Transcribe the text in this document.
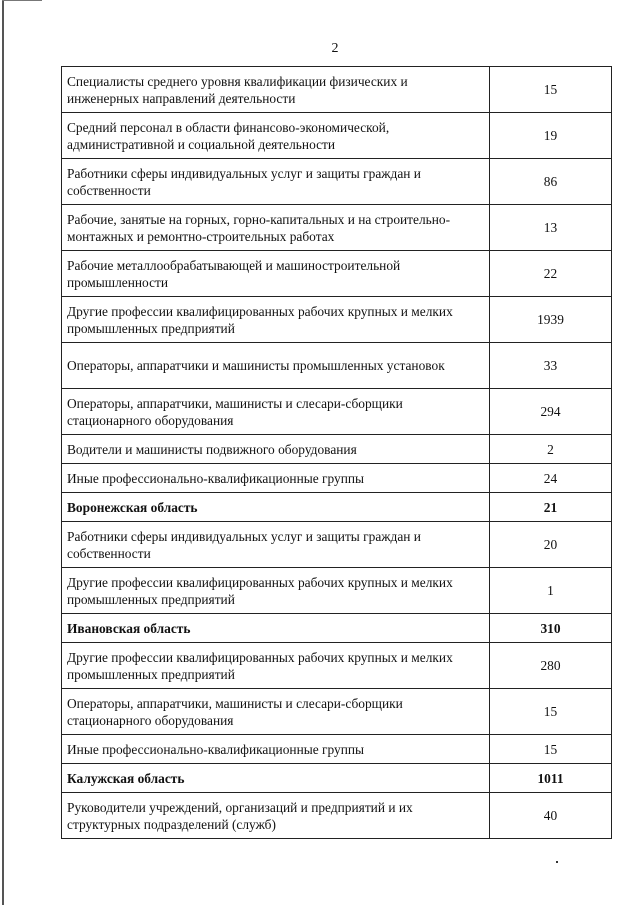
2
Специалисты среднего уровня квалификации физических и инженерных направлений деятельности	15
Средний персонал в области финансово-экономической, административной и социальной деятельности	19
Работники сферы индивидуальных услуг и защиты граждан и собственности	86
Рабочие, занятые на горных, горно-капитальных и на строительно-монтажных и ремонтно-строительных работах	13
Рабочие металлообрабатывающей и машиностроительной промышленности	22
Другие профессии квалифицированных рабочих крупных и мелких промышленных предприятий	1939
Операторы, аппаратчики и машинисты промышленных установок	33
Операторы, аппаратчики, машинисты и слесари-сборщики стационарного оборудования	294
Водители и машинисты подвижного оборудования	2
Иные профессионально-квалификационные группы	24
Воронежская область	21
Работники сферы индивидуальных услуг и защиты граждан и собственности	20
Другие профессии квалифицированных рабочих крупных и мелких промышленных предприятий	1
Ивановская область	310
Другие профессии квалифицированных рабочих крупных и мелких промышленных предприятий	280
Операторы, аппаратчики, машинисты и слесари-сборщики стационарного оборудования	15
Иные профессионально-квалификационные группы	15
Калужская область	1011
Руководители учреждений, организаций и предприятий и их структурных подразделений (служб)	40
